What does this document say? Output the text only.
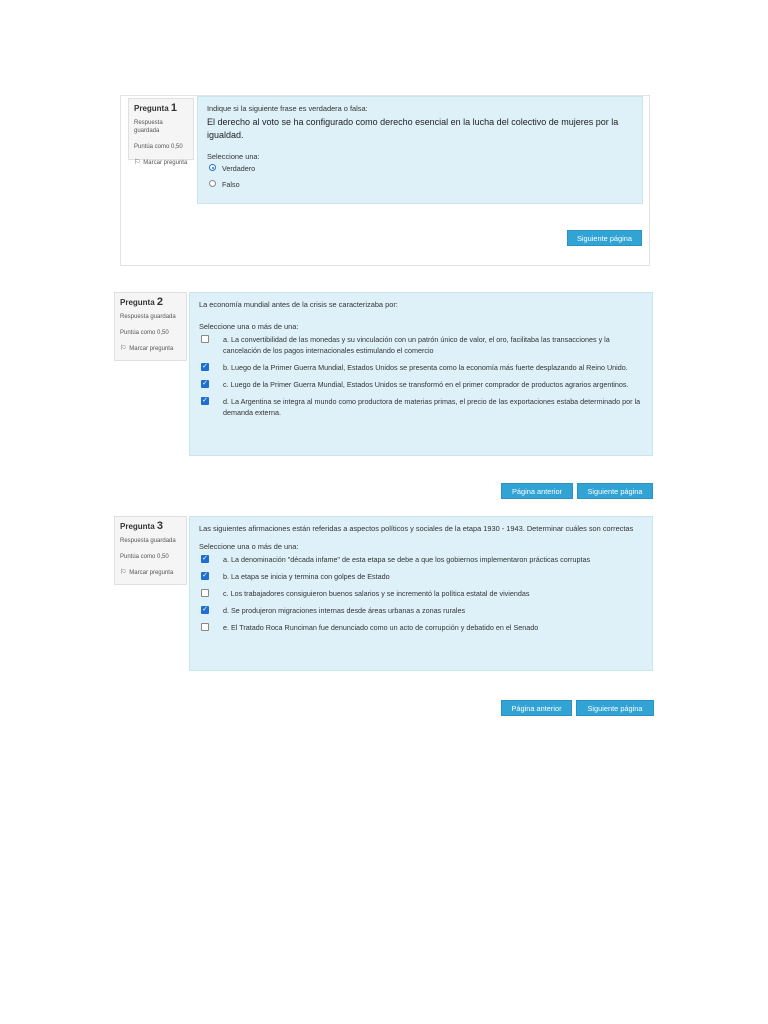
Pregunta 1
Respuesta guardada
Puntúa como 0,50
⚐ Marcar pregunta
Indique si la siguiente frase es verdadera o falsa:
El derecho al voto se ha configurado como derecho esencial en la lucha del colectivo de mujeres por la igualdad.
Seleccione una:
Verdadero
Falso
Siguiente página
Pregunta 2
Respuesta guardada
Puntúa como 0,50
⚐ Marcar pregunta
La economía mundial antes de la crisis se caracterizaba por:
Seleccione una o más de una:
a. La convertibilidad de las monedas y su vinculación con un patrón único de valor, el oro, facilitaba las transacciones y la cancelación de los pagos internacionales estimulando el comercio
✓	b. Luego de la Primer Guerra Mundial, Estados Unidos se presenta como la economía más fuerte desplazando al Reino Unido.
✓	c. Luego de la Primer Guerra Mundial, Estados Unidos se transformó en el primer comprador de productos agrarios argentinos.
✓	d. La Argentina se integra al mundo como productora de materias primas, el precio de las exportaciones estaba determinado por la demanda externa.
Página anterior	Siguiente página
Pregunta 3
Respuesta guardada
Puntúa como 0,50
⚐ Marcar pregunta
Las siguientes afirmaciones están referidas a aspectos políticos y sociales de la etapa 1930 - 1943. Determinar cuáles son correctas
Seleccione una o más de una:
✓	a. La denominación "década infame" de esta etapa se debe a que los gobiernos implementaron prácticas corruptas
✓	b. La etapa se inicia y termina con golpes de Estado
c. Los trabajadores consiguieron buenos salarios y se incrementó la política estatal de viviendas
✓	d. Se produjeron migraciones internas desde áreas urbanas a zonas rurales
e. El Tratado Roca Runciman fue denunciado como un acto de corrupción y debatido en el Senado
Página anterior	Siguiente página
